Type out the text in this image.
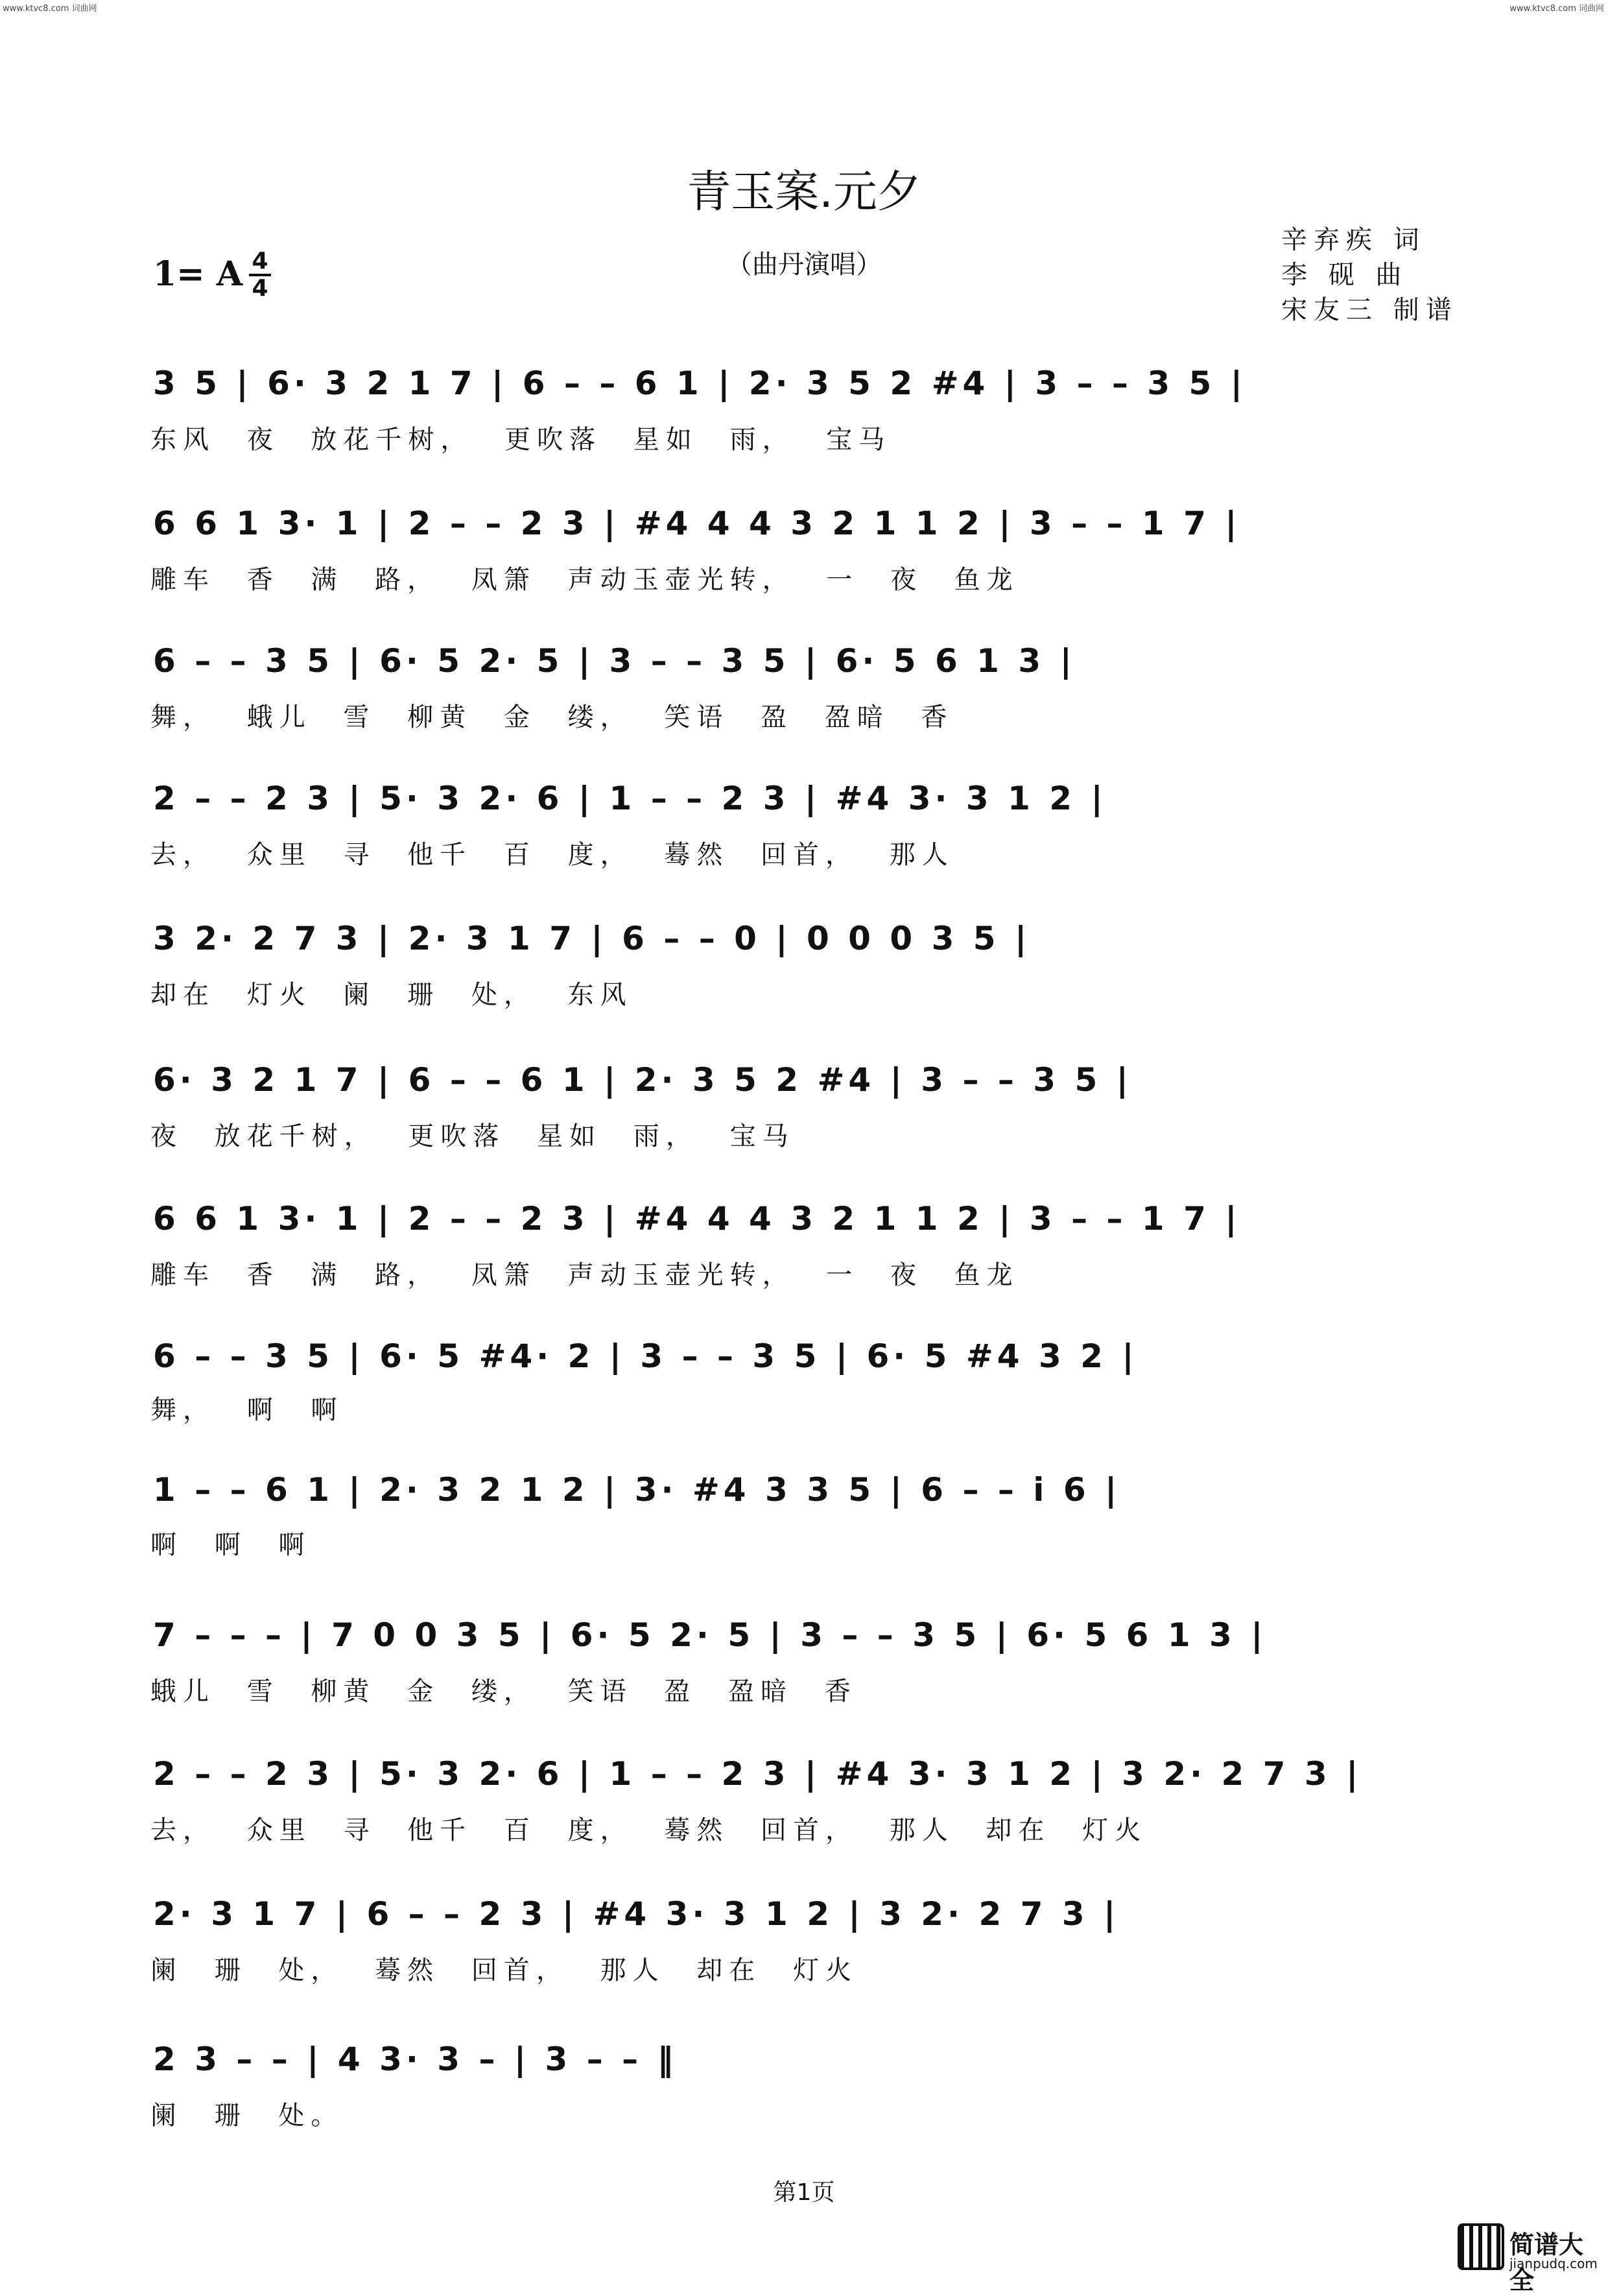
www.ktvc8.com 词曲网	www.ktvc8.com 词曲网
青玉案.元夕
（曲丹演唱）
辛弃疾 词
李 砚 曲
宋友三 制谱
1= A 4
4
3 5 | 6· 3 2 1 7 | 6 – – 6 1 | 2· 3 5 2 #4 | 3 – – 3 5 |
东风 夜 放花千树， 更吹落 星如 雨， 宝马
6 6 1 3· 1 | 2 – – 2 3 | #4 4 4 3 2 1 1 2 | 3 – – 1 7 |
雕车 香 满 路， 凤箫 声动玉壶光转， 一 夜 鱼龙
6 – – 3 5 | 6· 5 2· 5 | 3 – – 3 5 | 6· 5 6 1 3 |
舞， 蛾儿 雪 柳黄 金 缕， 笑语 盈 盈暗 香
2 – – 2 3 | 5· 3 2· 6 | 1 – – 2 3 | #4 3· 3 1 2 |
去， 众里 寻 他千 百 度， 蓦然 回首， 那人
3 2· 2 7 3 | 2· 3 1 7 | 6 – – 0 | 0 0 0 3 5 |
却在 灯火 阑 珊 处， 东风
6· 3 2 1 7 | 6 – – 6 1 | 2· 3 5 2 #4 | 3 – – 3 5 |
夜 放花千树， 更吹落 星如 雨， 宝马
6 6 1 3· 1 | 2 – – 2 3 | #4 4 4 3 2 1 1 2 | 3 – – 1 7 |
雕车 香 满 路， 凤箫 声动玉壶光转， 一 夜 鱼龙
6 – – 3 5 | 6· 5 #4· 2 | 3 – – 3 5 | 6· 5 #4 3 2 |
舞， 啊 啊
1 – – 6 1 | 2· 3 2 1 2 | 3· #4 3 3 5 | 6 – – i 6 |
啊 啊 啊
7 – – – | 7 0 0 3 5 | 6· 5 2· 5 | 3 – – 3 5 | 6· 5 6 1 3 |
蛾儿 雪 柳黄 金 缕， 笑语 盈 盈暗 香
2 – – 2 3 | 5· 3 2· 6 | 1 – – 2 3 | #4 3· 3 1 2 | 3 2· 2 7 3 |
去， 众里 寻 他千 百 度， 蓦然 回首， 那人 却在 灯火
2· 3 1 7 | 6 – – 2 3 | #4 3· 3 1 2 | 3 2· 2 7 3 |
阑 珊 处， 蓦然 回首， 那人 却在 灯火
2 3 – – | 4 3· 3 – | 3 – – ‖
阑 珊 处。
第1页
简谱大全
jianpudq.com
